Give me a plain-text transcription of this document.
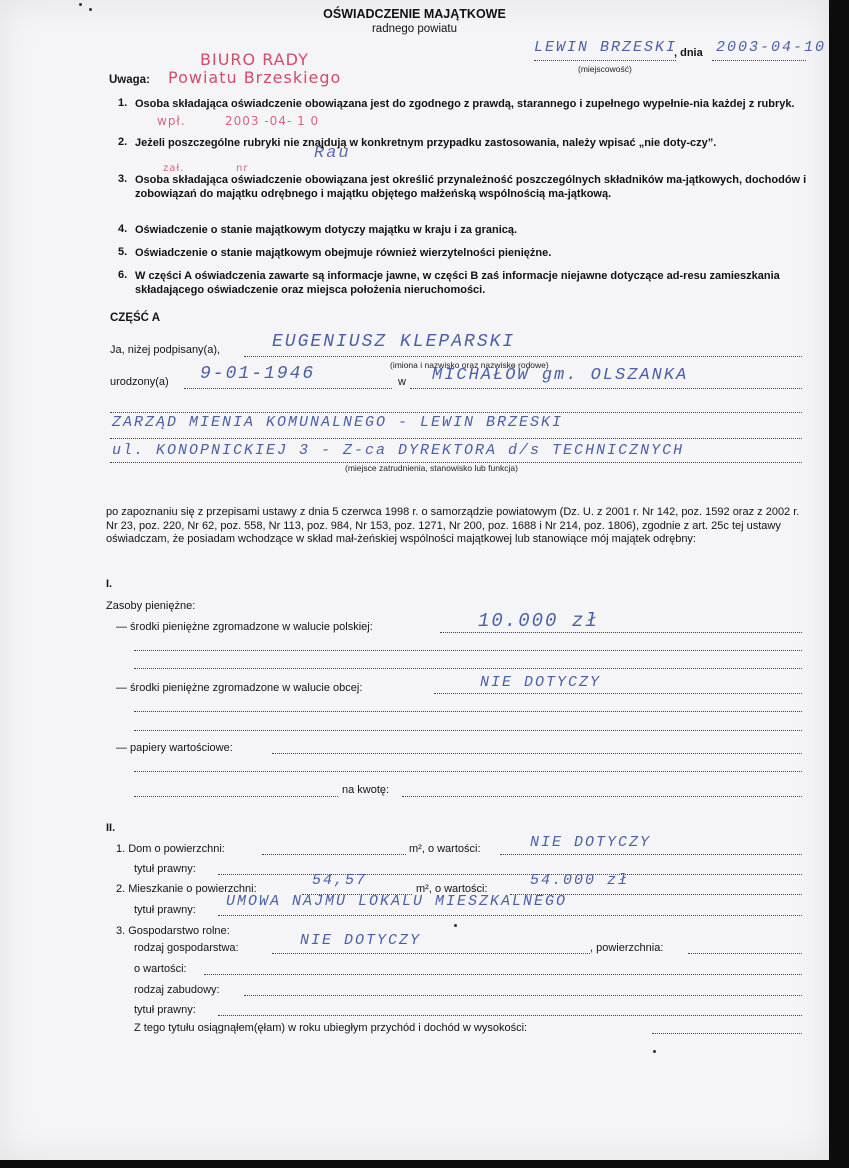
OŚWIADCZENIE MAJĄTKOWE
radnego powiatu
LEWIN BRZESKI
, dnia 2003-04-10
(miejscowość)
BIURO RADY
Powiatu Brzeskiego
wpł.	2003 -04- 1 0
zał.	nr
Rau
Uwaga:
1. Osoba składająca oświadczenie obowiązana jest do zgodnego z prawdą, starannego i zupełnego wypełnie-nia każdej z rubryk.
2. Jeżeli poszczególne rubryki nie znajdują w konkretnym przypadku zastosowania, należy wpisać „nie doty-czy”.
3. Osoba składająca oświadczenie obowiązana jest określić przynależność poszczególnych składników ma-jątkowych, dochodów i zobowiązań do majątku odrębnego i majątku objętego małżeńską wspólnością ma-jątkową.
4. Oświadczenie o stanie majątkowym dotyczy majątku w kraju i za granicą.
5. Oświadczenie o stanie majątkowym obejmuje również wierzytelności pieniężne.
6. W części A oświadczenia zawarte są informacje jawne, w części B zaś informacje niejawne dotyczące ad-resu zamieszkania składającego oświadczenie oraz miejsca położenia nieruchomości.
CZĘŚĆ A
Ja, niżej podpisany(a),	EUGENIUSZ KLEPARSKI
(imiona i nazwisko oraz nazwisko rodowe)
urodzony(a) 9-01-1946	w MICHAŁÓW gm. OLSZANKA
ZARZĄD MIENIA KOMUNALNEGO - LEWIN BRZESKI
ul. KONOPNICKIEJ 3 - Z-ca DYREKTORA d/s TECHNICZNYCH
(miejsce zatrudnienia, stanowisko lub funkcja)
po zapoznaniu się z przepisami ustawy z dnia 5 czerwca 1998 r. o samorządzie powiatowym (Dz. U. z 2001 r. Nr 142, poz. 1592 oraz z 2002 r. Nr 23, poz. 220, Nr 62, poz. 558, Nr 113, poz. 984, Nr 153, poz. 1271, Nr 200, poz. 1688 i Nr 214, poz. 1806), zgodnie z art. 25c tej ustawy oświadczam, że posiadam wchodzące w skład mał-żeńskiej wspólności majątkowej lub stanowiące mój majątek odrębny:
I.
Zasoby pieniężne:
— środki pieniężne zgromadzone w walucie polskiej:	10.000 zł
— środki pieniężne zgromadzone w walucie obcej:	NIE DOTYCZY
— papiery wartościowe:
na kwotę:
II.
1. Dom o powierzchni:	m², o wartości:	NIE DOTYCZY
tytuł prawny:
2. Mieszkanie o powierzchni:	54,57	m², o wartości:	54.000 zł
tytuł prawny: UMOWA NAJMU LOKALU MIESZKALNEGO
3. Gospodarstwo rolne:
rodzaj gospodarstwa:	NIE DOTYCZY	, powierzchnia:
o wartości:
rodzaj zabudowy:
tytuł prawny:
Z tego tytułu osiągnąłem(ęłam) w roku ubiegłym przychód i dochód w wysokości:
